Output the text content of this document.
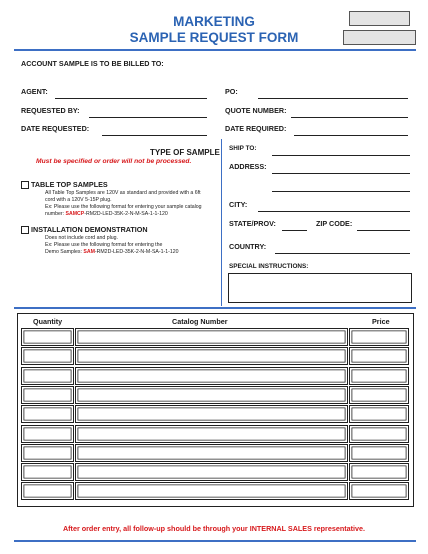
MARKETING
SAMPLE REQUEST FORM
ACCOUNT SAMPLE IS TO BE BILLED TO:
AGENT:	PO:
REQUESTED BY:	QUOTE NUMBER:
DATE REQUESTED:	DATE REQUIRED:
TYPE OF SAMPLE
Must be specified or order will not be processed.
TABLE TOP SAMPLES
All Table Top Samples are 120V as standard and provided with a 6ft
cord with a 120V 5-15P plug.
Ex: Please use the following format for entering your sample catalog
number: SAMCP-RM2D-LED-35K-2-N-M-SA-1-1-120
INSTALLATION DEMONSTRATION
Does not include cord and plug.
Ex: Please use the following format for entering the
Demo Samples: SAM-RM2D-LED-35K-2-N-M-SA-1-1-120
SHIP TO:
ADDRESS:
CITY:
STATE/PROV:	ZIP CODE:
COUNTRY:
SPECIAL INSTRUCTIONS:
Quantity	Catalog Number	Price
After order entry, all follow-up should be through your INTERNAL SALES representative.
